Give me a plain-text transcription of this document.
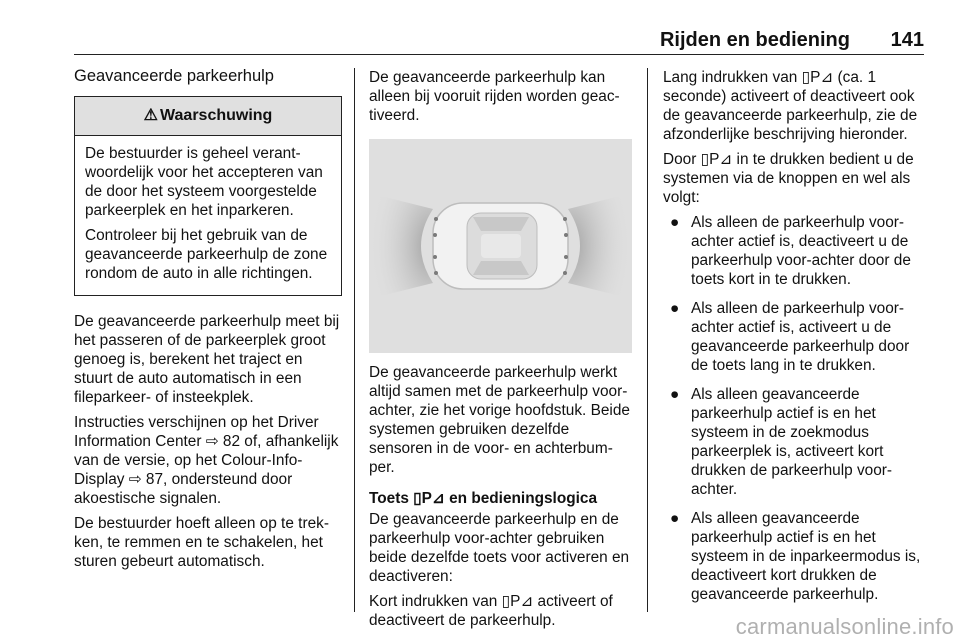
Rijden en bediening 141
Geavanceerde parkeerhulp
⚠ Waarschuwing

De bestuurder is geheel verantwoordelijk voor het accepteren van de door het systeem voorgestelde parkeerplek en het inparkeren.

Controleer bij het gebruik van de geavanceerde parkeerhulp de zone rondom de auto in alle richtingen.

De geavanceerde parkeerhulp meet bij het passeren of de parkeerplek groot genoeg is, berekent het traject en stuurt de auto automatisch in een fileparkeer- of insteekplek.

Instructies verschijnen op het Driver Information Center ⇨ 82 of, afhankelijk van de versie, op het Colour-Info-Display ⇨ 87, ondersteund door akoestische signalen.

De bestuurder hoeft alleen op te trekken, te remmen en te schakelen, het sturen gebeurt automatisch.

De geavanceerde parkeerhulp kan alleen bij vooruit rijden worden geactiveerd.

De geavanceerde parkeerhulp werkt altijd samen met de parkeerhulp voor-achter, zie het vorige hoofdstuk. Beide systemen gebruiken dezelfde sensoren in de voor- en achterbumper.

Toets ▯P⊿ en bedieningslogica

De geavanceerde parkeerhulp en de parkeerhulp voor-achter gebruiken beide dezelfde toets voor activeren en deactiveren:

Kort indrukken van ▯P⊿ activeert of deactiveert de parkeerhulp.

Lang indrukken van ▯P⊿ (ca. 1 seconde) activeert of deactiveert ook de geavanceerde parkeerhulp, zie de afzonderlijke beschrijving hieronder.

Door ▯P⊿ in te drukken bedient u de systemen via de knoppen en wel als volgt:

● Als alleen de parkeerhulp voor-achter actief is, deactiveert u de parkeerhulp voor-achter door de toets kort in te drukken.
● Als alleen de parkeerhulp voor-achter actief is, activeert u de geavanceerde parkeerhulp door de toets lang in te drukken.
● Als alleen geavanceerde parkeerhulp actief is en het systeem in de zoekmodus parkeerplek is, activeert kort drukken de parkeerhulp voor-achter.
● Als alleen geavanceerde parkeerhulp actief is en het systeem in de inparkeermodus is, deactiveert kort drukken de geavanceerde parkeerhulp.
carmanualsonline.info
